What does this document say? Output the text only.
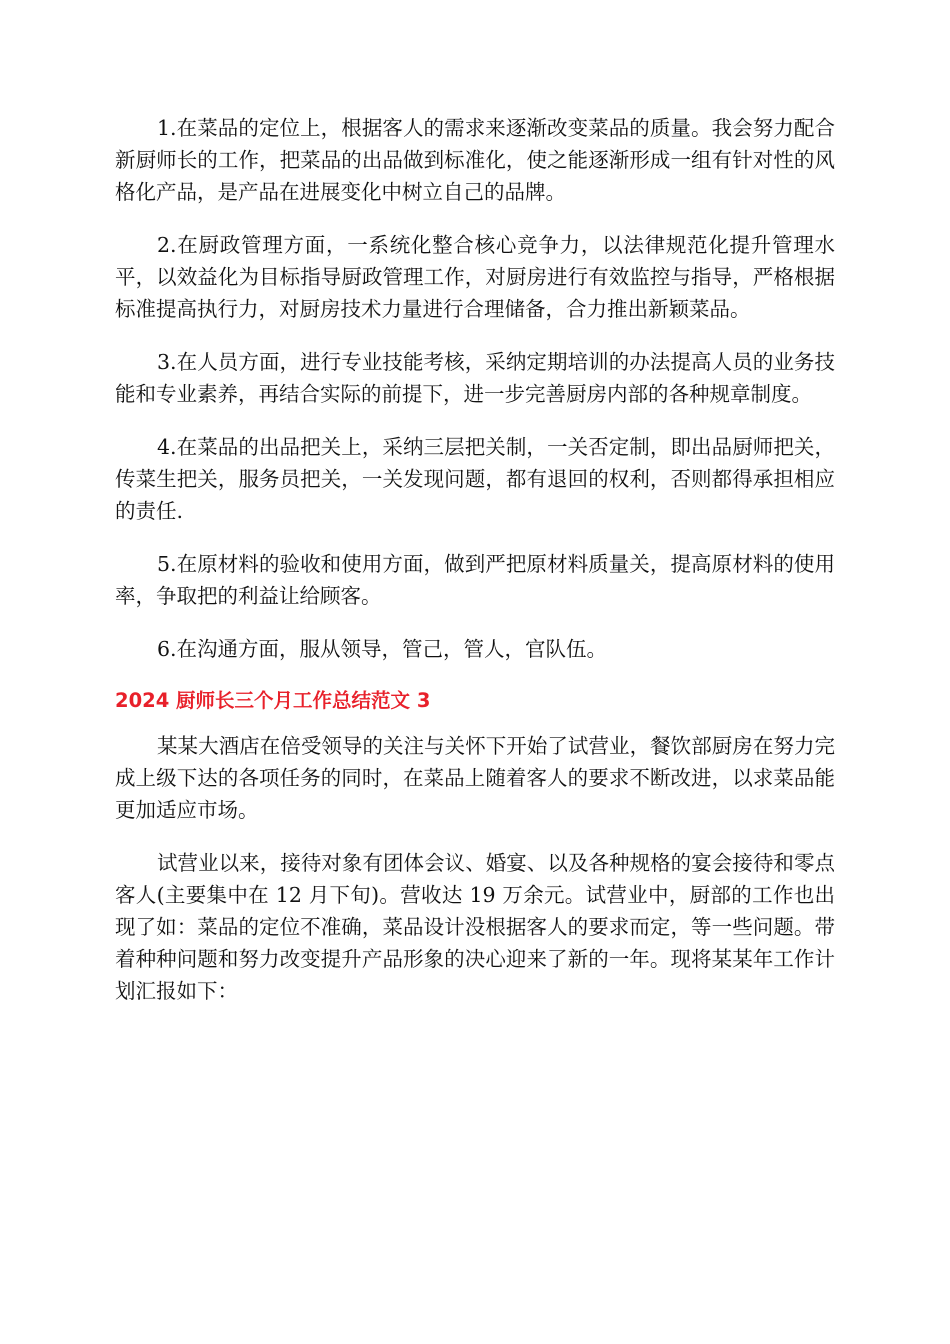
1.在菜品的定位上，根据客人的需求来逐渐改变菜品的质量。我会努力配合新厨师长的工作，把菜品的出品做到标准化，使之能逐渐形成一组有针对性的风格化产品，是产品在进展变化中树立自己的品牌。

2.在厨政管理方面，一系统化整合核心竞争力，以法律规范化提升管理水平，以效益化为目标指导厨政管理工作，对厨房进行有效监控与指导，严格根据标准提高执行力，对厨房技术力量进行合理储备，合力推出新颖菜品。

3.在人员方面，进行专业技能考核，采纳定期培训的办法提高人员的业务技能和专业素养，再结合实际的前提下，进一步完善厨房内部的各种规章制度。

4.在菜品的出品把关上，采纳三层把关制，一关否定制，即出品厨师把关，传菜生把关，服务员把关，一关发现问题，都有退回的权利，否则都得承担相应的责任.

5.在原材料的验收和使用方面，做到严把原材料质量关，提高原材料的使用率，争取把的利益让给顾客。

6.在沟通方面，服从领导，管己，管人，官队伍。

2024 厨师长三个月工作总结范文 3

某某大酒店在倍受领导的关注与关怀下开始了试营业，餐饮部厨房在努力完成上级下达的各项任务的同时，在菜品上随着客人的要求不断改进，以求菜品能更加适应市场。

试营业以来，接待对象有团体会议、婚宴、以及各种规格的宴会接待和零点客人(主要集中在 12 月下旬)。营收达 19 万余元。试营业中，厨部的工作也出现了如：菜品的定位不准确，菜品设计没根据客人的要求而定，等一些问题。带着种种问题和努力改变提升产品形象的决心迎来了新的一年。现将某某年工作计划汇报如下：
